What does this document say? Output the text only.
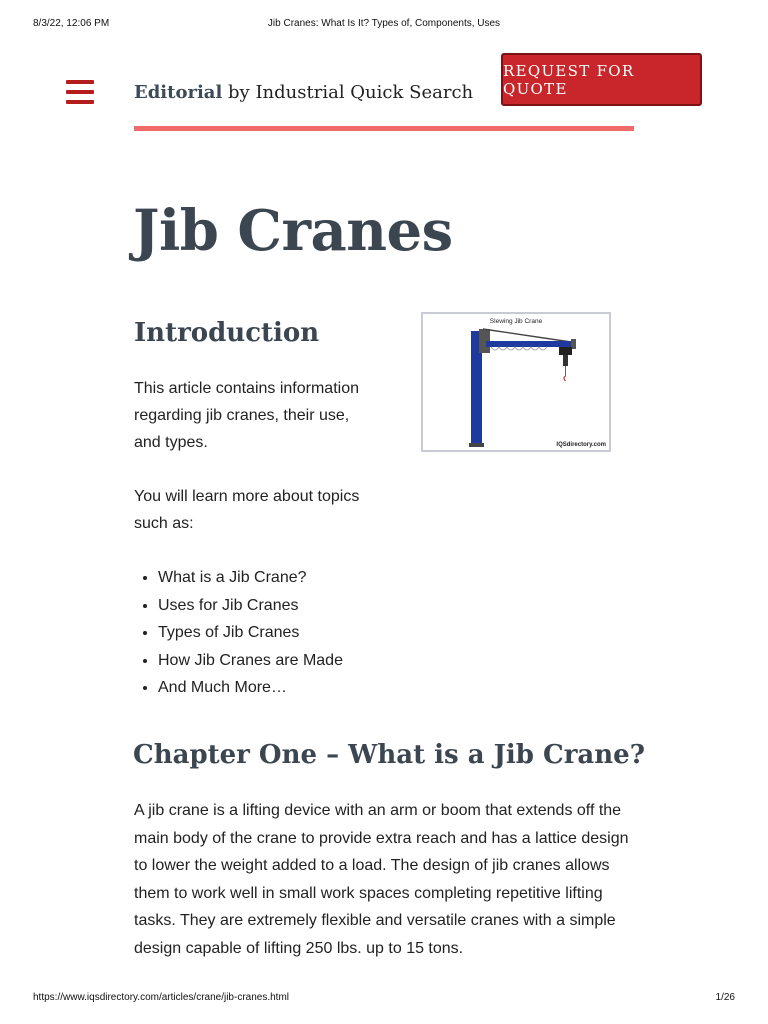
8/3/22, 12:06 PM	Jib Cranes: What Is It? Types of, Components, Uses
Editorial by Industrial Quick Search
REQUEST FOR QUOTE
Jib Cranes
Introduction

This article contains information regarding jib cranes, their use, and types.

You will learn more about topics such as:

• What is a Jib Crane?
• Uses for Jib Cranes
• Types of Jib Cranes
• How Jib Cranes are Made
• And Much More…
Slewing Jib Crane
IQSdirectory.com
Chapter One – What is a Jib Crane?

A jib crane is a lifting device with an arm or boom that extends off the main body of the crane to provide extra reach and has a lattice design to lower the weight added to a load. The design of jib cranes allows them to work well in small work spaces completing repetitive lifting tasks. They are extremely flexible and versatile cranes with a simple design capable of lifting 250 lbs. up to 15 tons.

https://www.iqsdirectory.com/articles/crane/jib-cranes.html	1/26
